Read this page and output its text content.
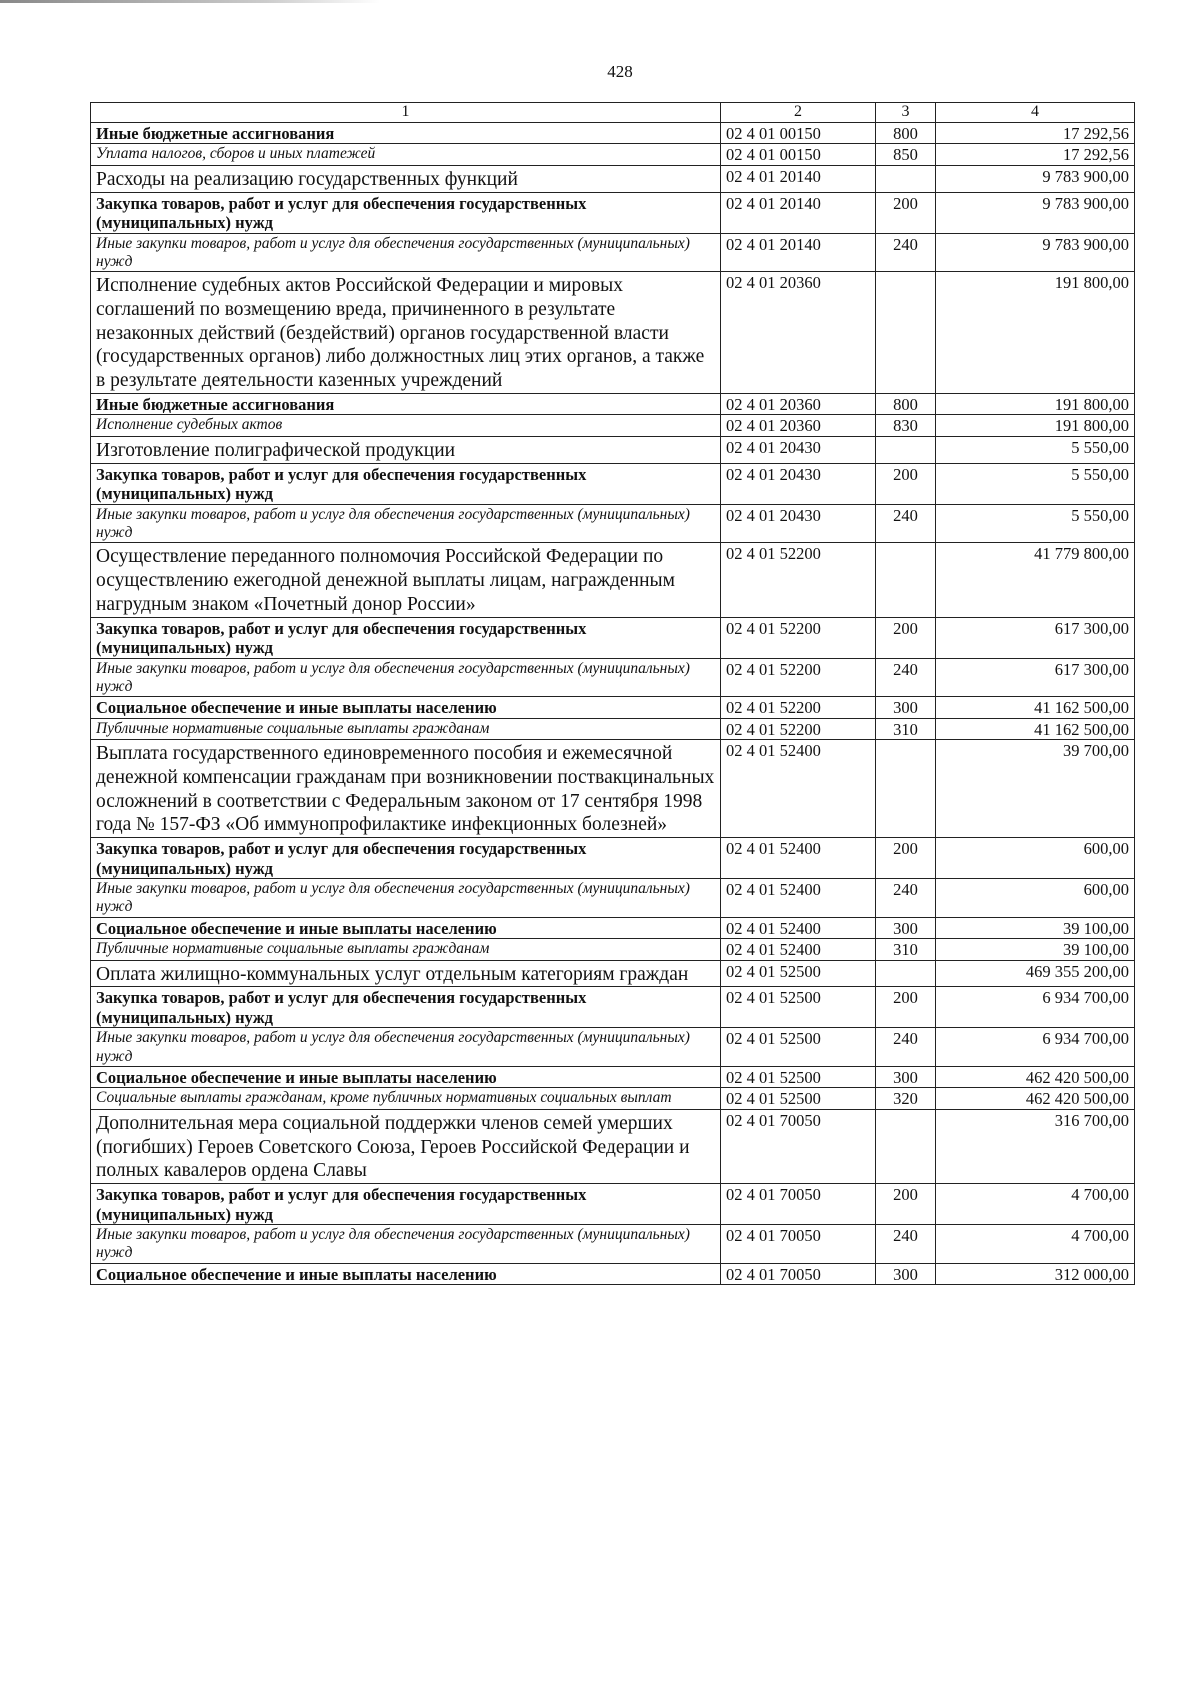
428
1	2	3	4
Иные бюджетные ассигнования	02 4 01 00150	800	17 292,56
Уплата налогов, сборов и иных платежей	02 4 01 00150	850	17 292,56
Расходы на реализацию государственных функций	02 4 01 20140		9 783 900,00
Закупка товаров, работ и услуг для обеспечения государственных (муниципальных) нужд	02 4 01 20140	200	9 783 900,00
Иные закупки товаров, работ и услуг для обеспечения государственных (муниципальных) нужд	02 4 01 20140	240	9 783 900,00
Исполнение судебных актов Российской Федерации и мировых соглашений по возмещению вреда, причиненного в результате незаконных действий (бездействий) органов государственной власти (государственных органов) либо должностных лиц этих органов, а также в результате деятельности казенных учреждений	02 4 01 20360		191 800,00
Иные бюджетные ассигнования	02 4 01 20360	800	191 800,00
Исполнение судебных актов	02 4 01 20360	830	191 800,00
Изготовление полиграфической продукции	02 4 01 20430		5 550,00
Закупка товаров, работ и услуг для обеспечения государственных (муниципальных) нужд	02 4 01 20430	200	5 550,00
Иные закупки товаров, работ и услуг для обеспечения государственных (муниципальных) нужд	02 4 01 20430	240	5 550,00
Осуществление переданного полномочия Российской Федерации по осуществлению ежегодной денежной выплаты лицам, награжденным нагрудным знаком «Почетный донор России»	02 4 01 52200		41 779 800,00
Закупка товаров, работ и услуг для обеспечения государственных (муниципальных) нужд	02 4 01 52200	200	617 300,00
Иные закупки товаров, работ и услуг для обеспечения государственных (муниципальных) нужд	02 4 01 52200	240	617 300,00
Социальное обеспечение и иные выплаты населению	02 4 01 52200	300	41 162 500,00
Публичные нормативные социальные выплаты гражданам	02 4 01 52200	310	41 162 500,00
Выплата государственного единовременного пособия и ежемесячной денежной компенсации гражданам при возникновении поствакцинальных осложнений в соответствии с Федеральным законом от 17 сентября 1998 года № 157-ФЗ «Об иммунопрофилактике инфекционных болезней»	02 4 01 52400		39 700,00
Закупка товаров, работ и услуг для обеспечения государственных (муниципальных) нужд	02 4 01 52400	200	600,00
Иные закупки товаров, работ и услуг для обеспечения государственных (муниципальных) нужд	02 4 01 52400	240	600,00
Социальное обеспечение и иные выплаты населению	02 4 01 52400	300	39 100,00
Публичные нормативные социальные выплаты гражданам	02 4 01 52400	310	39 100,00
Оплата жилищно-коммунальных услуг отдельным категориям граждан	02 4 01 52500		469 355 200,00
Закупка товаров, работ и услуг для обеспечения государственных (муниципальных) нужд	02 4 01 52500	200	6 934 700,00
Иные закупки товаров, работ и услуг для обеспечения государственных (муниципальных) нужд	02 4 01 52500	240	6 934 700,00
Социальное обеспечение и иные выплаты населению	02 4 01 52500	300	462 420 500,00
Социальные выплаты гражданам, кроме публичных нормативных социальных выплат	02 4 01 52500	320	462 420 500,00
Дополнительная мера социальной поддержки членов семей умерших (погибших) Героев Советского Союза, Героев Российской Федерации и полных кавалеров ордена Славы	02 4 01 70050		316 700,00
Закупка товаров, работ и услуг для обеспечения государственных (муниципальных) нужд	02 4 01 70050	200	4 700,00
Иные закупки товаров, работ и услуг для обеспечения государственных (муниципальных) нужд	02 4 01 70050	240	4 700,00
Социальное обеспечение и иные выплаты населению	02 4 01 70050	300	312 000,00
